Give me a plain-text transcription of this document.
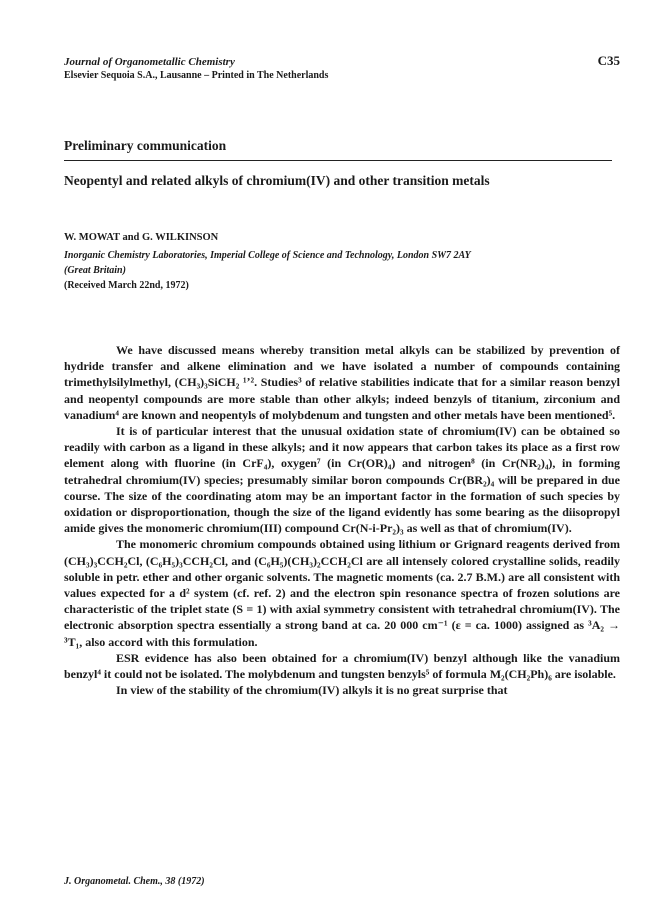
Journal of Organometallic Chemistry
Elsevier Sequoia S.A., Lausanne – Printed in The Netherlands
C35
Preliminary communication
Neopentyl and related alkyls of chromium(IV) and other transition metals
W. MOWAT and G. WILKINSON
Inorganic Chemistry Laboratories, Imperial College of Science and Technology, London SW7 2AY
(Great Britain)
(Received March 22nd, 1972)

We have discussed means whereby transition metal alkyls can be stabilized by prevention of hydride transfer and alkene elimination and we have isolated a number of compounds containing trimethylsilylmethyl, (CH₃)₃SiCH₂ ¹ʼ². Studies³ of relative stabilities indicate that for a similar reason benzyl and neopentyl compounds are more stable than other alkyls; indeed benzyls of titanium, zirconium and vanadium⁴ are known and neopentyls of molybdenum and tungsten and other metals have been mentioned⁵.

It is of particular interest that the unusual oxidation state of chromium(IV) can be obtained so readily with carbon as a ligand in these alkyls; and it now appears that carbon takes its place as a first row element along with fluorine (in CrF₄), oxygen⁷ (in Cr(OR)₄) and nitrogen⁸ (in Cr(NR₂)₄), in forming tetrahedral chromium(IV) species; presumably similar boron compounds Cr(BR₂)₄ will be prepared in due course. The size of the coordinating atom may be an important factor in the formation of such species by oxidation or disproportionation, though the size of the ligand evidently has some bearing as the diisopropyl amide gives the monomeric chromium(III) compound Cr(N-i-Pr₂)₃ as well as that of chromium(IV).

The monomeric chromium compounds obtained using lithium or Grignard reagents derived from (CH₃)₃CCH₂Cl, (C₆H₅)₃CCH₂Cl, and (C₆H₅)(CH₃)₂CCH₂Cl are all intensely colored crystalline solids, readily soluble in petr. ether and other organic solvents. The magnetic moments (ca. 2.7 B.M.) are all consistent with values expected for a d² system (cf. ref. 2) and the electron spin resonance spectra of frozen solutions are characteristic of the triplet state (S = 1) with axial symmetry consistent with tetrahedral chromium(IV). The electronic absorption spectra essentially a strong band at ca. 20 000 cm⁻¹ (ε = ca. 1000) assigned as ³A₂ → ³T₁, also accord with this formulation.

ESR evidence has also been obtained for a chromium(IV) benzyl although like the vanadium benzyl⁴ it could not be isolated. The molybdenum and tungsten benzyls⁵ of formula M₂(CH₂Ph)₆ are isolable.

In view of the stability of the chromium(IV) alkyls it is no great surprise that

J. Organometal. Chem., 38 (1972)
